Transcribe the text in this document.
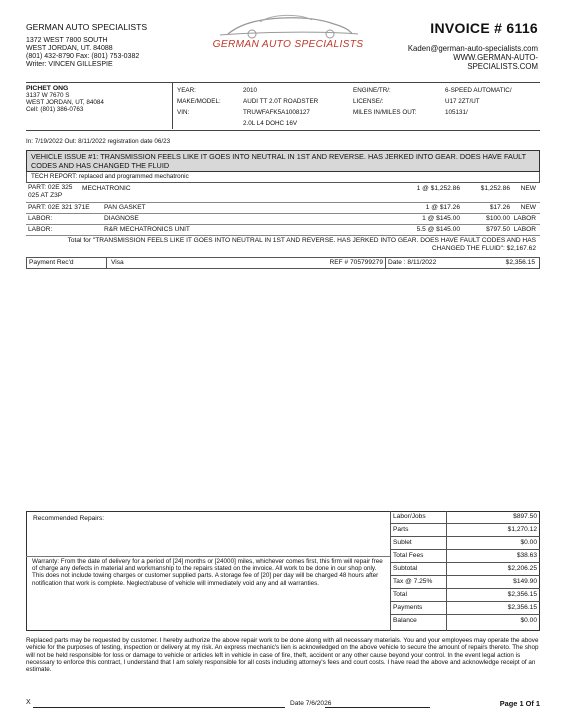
GERMAN AUTO SPECIALISTS
1372 WEST 7800 SOUTH
WEST JORDAN, UT. 84088
(801) 432-8790 Fax: (801) 753-0382
Writer: VINCEN GILLESPIE
GERMAN AUTO SPECIALISTS
INVOICE # 6116
Kaden@german-auto-specialists.com
WWW.GERMAN-AUTO-SPECIALISTS.COM
PICHET ONG
3137 W 7670 S
WEST JORDAN, UT, 84084
Cell: (801) 386-0763
YEAR:	2010
MAKE/MODEL:	AUDI TT 2.0T ROADSTER
VIN:	TRUWFAFK5A1008127
2.0L L4 DOHC 16V
ENGINE/TR/:	6-SPEED AUTOMATIC/
LICENSE/:	U17 2ZT/UT
MILES IN/MILES OUT:	105131/
In: 7/19/2022 Out: 8/11/2022 registration date 06/23
VEHICLE ISSUE #1: TRANSMISSION FEELS LIKE IT GOES INTO NEUTRAL IN 1ST AND REVERSE. HAS JERKED INTO GEAR. DOES HAVE FAULT CODES AND HAS CHANGED THE FLUID
TECH REPORT: replaced and programmed mechatronic
PART: 02E 325 025 AT Z3P
MECHATRONIC	1 @ $1,252.86	$1,252.86 NEW
PART: 02E 321 371E PAN GASKET	1 @ $17.26	$17.26 NEW
LABOR:	DIAGNOSE	1 @ $145.00	$100.00 LABOR
LABOR:	R&R MECHATRONICS UNIT	5.5 @ $145.00	$797.50 LABOR
Total for "TRANSMISSION FEELS LIKE IT GOES INTO NEUTRAL IN 1ST AND REVERSE. HAS JERKED INTO GEAR. DOES HAVE FAULT CODES AND HAS CHANGED THE FLUID": $2,167.62
Payment Rec'd	Visa	REF # 705799279 Date : 8/11/2022	$2,356.15
Recommended Repairs:
Warranty: From the date of delivery for a period of [24] months or [24000] miles, whichever comes first, this firm will repair free of charge any defects in material and workmanship to the repairs stated on the invoice. All work to be done in our shop only. This does not include towing charges or customer supplied parts. A storage fee of [20] per day will be charged 48 hours after notification that work is complete. Neglect/abuse of vehicle will immediately void any and all warranties.
Labor/Jobs	$897.50
Parts	$1,270.12
Sublet	$0.00
Total Fees	$38.63
Subtotal	$2,206.25
Tax @ 7.25%	$149.90
Total	$2,356.15
Payments	$2,356.15
Balance	$0.00
Replaced parts may be requested by customer. I hereby authorize the above repair work to be done along with all necessary materials. You and your employees may operate the above vehicle for the purposes of testing, inspection or delivery at my risk. An express mechanic's lien is acknowledged on the above vehicle to secure the amount of repairs thereto. The shop will not be held responsible for loss or damage to vehicle or articles left in vehicle in case of fire, theft, accident or any other cause beyond your control. In the event legal action is necessary to enforce this contract, I understand that I am solely responsible for all costs including attorney's fees and court costs. I have read the above and acknowledge receipt of an estimate.
X	Date 7/6/2026	Page 1 Of 1
